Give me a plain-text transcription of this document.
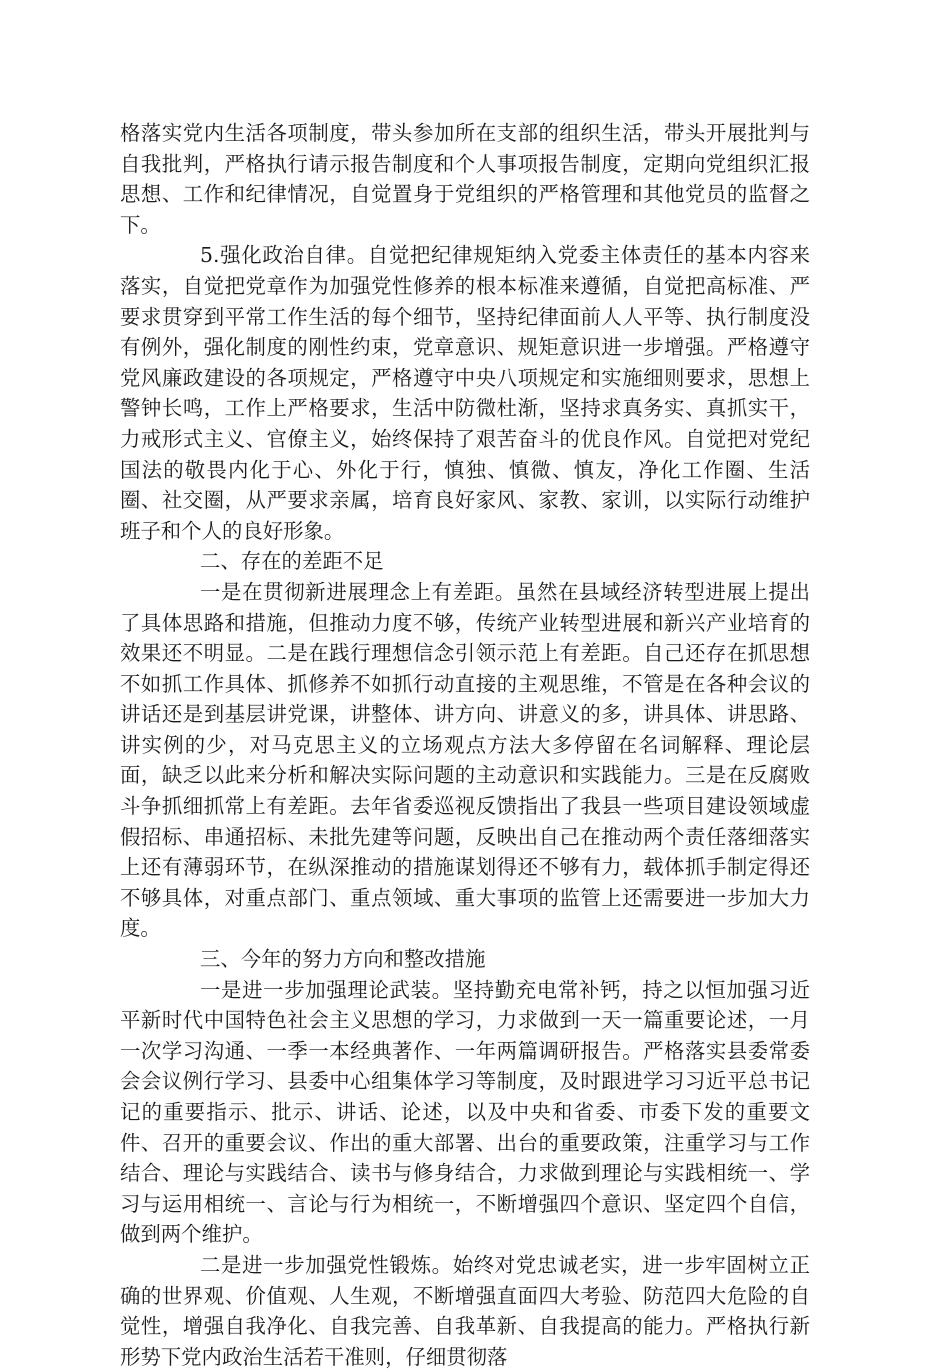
格落实党内生活各项制度，带头参加所在支部的组织生活，带头开展批判与自我批判，严格执行请示报告制度和个人事项报告制度，定期向党组织汇报思想、工作和纪律情况，自觉置身于党组织的严格管理和其他党员的监督之下。

5.强化政治自律。自觉把纪律规矩纳入党委主体责任的基本内容来落实，自觉把党章作为加强党性修养的根本标准来遵循，自觉把高标准、严要求贯穿到平常工作生活的每个细节，坚持纪律面前人人平等、执行制度没有例外，强化制度的刚性约束，党章意识、规矩意识进一步增强。严格遵守党风廉政建设的各项规定，严格遵守中央八项规定和实施细则要求，思想上警钟长鸣，工作上严格要求，生活中防微杜渐，坚持求真务实、真抓实干，力戒形式主义、官僚主义，始终保持了艰苦奋斗的优良作风。自觉把对党纪国法的敬畏内化于心、外化于行，慎独、慎微、慎友，净化工作圈、生活圈、社交圈，从严要求亲属，培育良好家风、家教、家训，以实际行动维护班子和个人的良好形象。

二、存在的差距不足

一是在贯彻新进展理念上有差距。虽然在县域经济转型进展上提出了具体思路和措施，但推动力度不够，传统产业转型进展和新兴产业培育的效果还不明显。二是在践行理想信念引领示范上有差距。自己还存在抓思想不如抓工作具体、抓修养不如抓行动直接的主观思维，不管是在各种会议的讲话还是到基层讲党课，讲整体、讲方向、讲意义的多，讲具体、讲思路、讲实例的少，对马克思主义的立场观点方法大多停留在名词解释、理论层面，缺乏以此来分析和解决实际问题的主动意识和实践能力。三是在反腐败斗争抓细抓常上有差距。去年省委巡视反馈指出了我县一些项目建设领域虚假招标、串通招标、未批先建等问题，反映出自己在推动两个责任落细落实上还有薄弱环节，在纵深推动的措施谋划得还不够有力，载体抓手制定得还不够具体，对重点部门、重点领域、重大事项的监管上还需要进一步加大力度。

三、今年的努力方向和整改措施

一是进一步加强理论武装。坚持勤充电常补钙，持之以恒加强习近平新时代中国特色社会主义思想的学习，力求做到一天一篇重要论述，一月一次学习沟通、一季一本经典著作、一年两篇调研报告。严格落实县委常委会会议例行学习、县委中心组集体学习等制度，及时跟进学习习近平总书记记的重要指示、批示、讲话、论述，以及中央和省委、市委下发的重要文件、召开的重要会议、作出的重大部署、出台的重要政策，注重学习与工作结合、理论与实践结合、读书与修身结合，力求做到理论与实践相统一、学习与运用相统一、言论与行为相统一，不断增强四个意识、坚定四个自信，做到两个维护。

二是进一步加强党性锻炼。始终对党忠诚老实，进一步牢固树立正确的世界观、价值观、人生观，不断增强直面四大考验、防范四大危险的自觉性，增强自我净化、自我完善、自我革新、自我提高的能力。严格执行新形势下党内政治生活若干准则，仔细贯彻落
